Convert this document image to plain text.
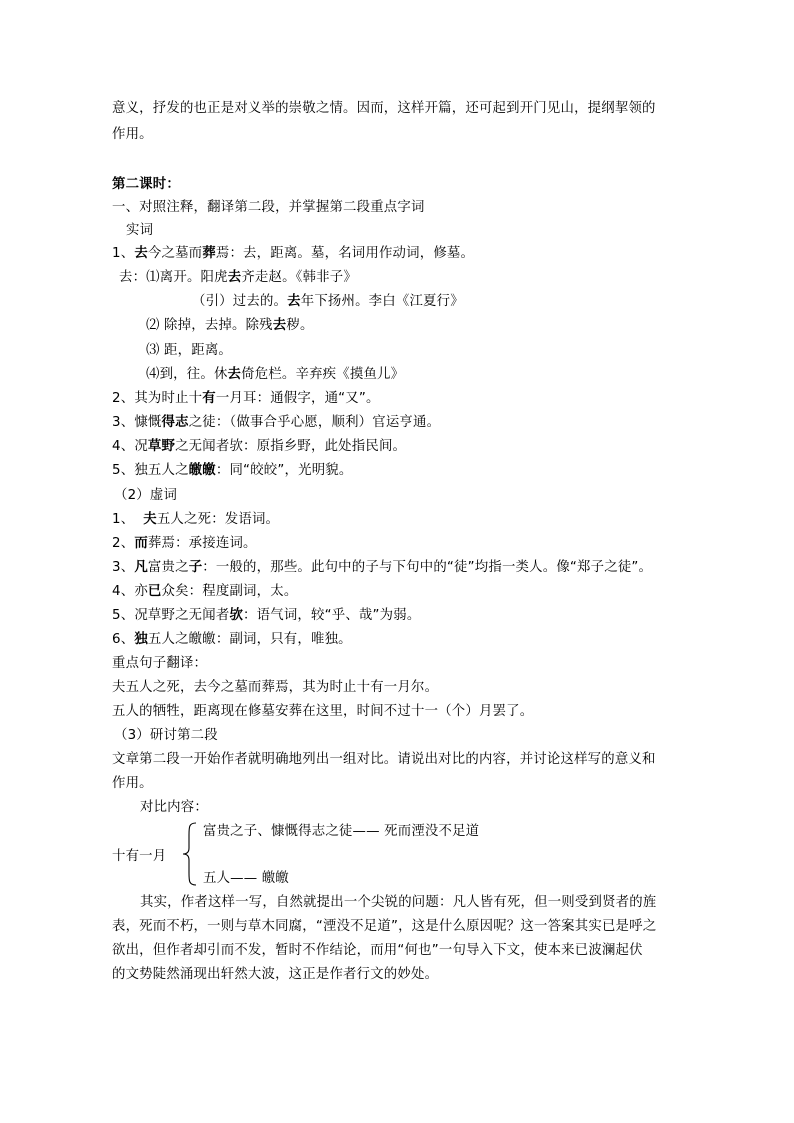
意义，抒发的也正是对义举的崇敬之情。因而，这样开篇，还可起到开门见山，提纲挈领的
作用。
第二课时：
一、对照注释，翻译第二段，并掌握第二段重点字词
实词
1、去今之墓而葬焉：去，距离。墓，名词用作动词，修墓。
去：⑴离开。阳虎去齐走赵。《韩非子》
（引）过去的。去年下扬州。李白《江夏行》
⑵ 除掉，去掉。除残去秽。
⑶ 距，距离。
⑷到，往。休去倚危栏。辛弃疾《摸鱼儿》
2、其为时止十有一月耳：通假字，通“又”。
3、慷慨得志之徒：（做事合乎心愿，顺利）官运亨通。
4、况草野之无闻者欤：原指乡野，此处指民间。
5、独五人之皦皦：同“皎皎”，光明貌。
（2）虚词
1、 夫五人之死：发语词。
2、而葬焉：承接连词。
3、凡富贵之子：一般的，那些。此句中的子与下句中的“徒”均指一类人。像“郑子之徒”。
4、亦已众矣：程度副词，太。
5、况草野之无闻者欤：语气词，较“乎、哉”为弱。
6、独五人之皦皦：副词，只有，唯独。
重点句子翻译：
夫五人之死，去今之墓而葬焉，其为时止十有一月尔。
五人的牺牲，距离现在修墓安葬在这里，时间不过十一（个）月罢了。
（3）研讨第二段
文章第二段一开始作者就明确地列出一组对比。请说出对比的内容，并讨论这样写的意义和
作用。
对比内容：
富贵之子、慷慨得志之徒—— 死而湮没不足道
十有一月
五人—— 皦皦
其实，作者这样一写，自然就提出一个尖锐的问题：凡人皆有死，但一则受到贤者的旌
表，死而不朽，一则与草木同腐，“湮没不足道”，这是什么原因呢？这一答案其实已是呼之
欲出，但作者却引而不发，暂时不作结论，而用“何也”一句导入下文，使本来已波澜起伏
的文势陡然涌现出轩然大波，这正是作者行文的妙处。
